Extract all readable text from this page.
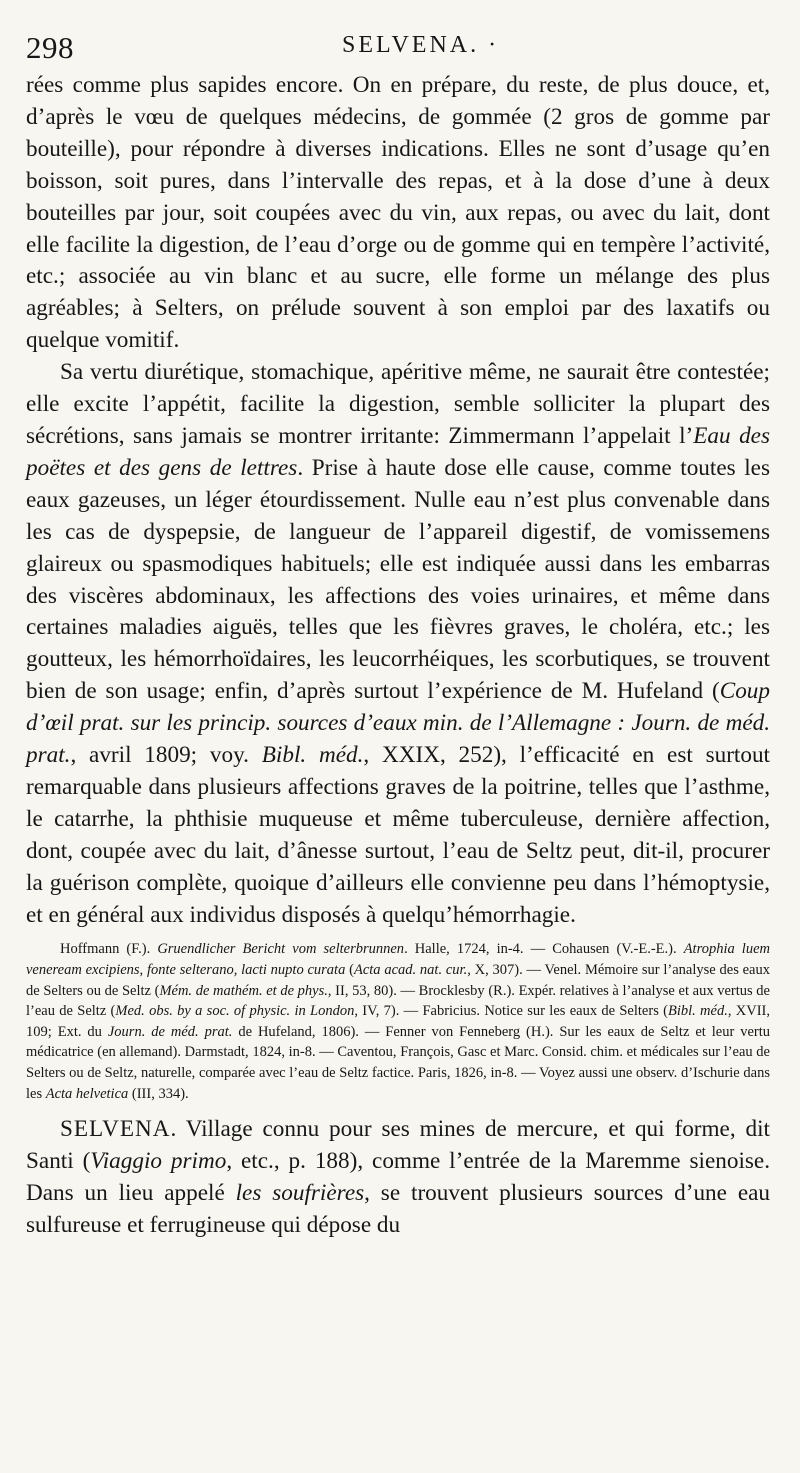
298	SELVENA. ·

rées comme plus sapides encore. On en prépare, du reste, de plus douce, et, d’après le vœu de quelques médecins, de gommée (2 gros de gomme par bouteille), pour répondre à diverses indications. Elles ne sont d’usage qu’en boisson, soit pures, dans l’intervalle des repas, et à la dose d’une à deux bouteilles par jour, soit coupées avec du vin, aux repas, ou avec du lait, dont elle facilite la digestion, de l’eau d’orge ou de gomme qui en tempère l’activité, etc.; associée au vin blanc et au sucre, elle forme un mélange des plus agréables; à Selters, on prélude souvent à son emploi par des laxatifs ou quelque vomitif.

Sa vertu diurétique, stomachique, apéritive même, ne saurait être contestée; elle excite l’appétit, facilite la digestion, semble solliciter la plupart des sécrétions, sans jamais se montrer irritante: Zimmermann l’appelait l’Eau des poëtes et des gens de lettres. Prise à haute dose elle cause, comme toutes les eaux gazeuses, un léger étourdissement. Nulle eau n’est plus convenable dans les cas de dyspepsie, de langueur de l’appareil digestif, de vomissemens glaireux ou spasmodiques habituels; elle est indiquée aussi dans les embarras des viscères abdominaux, les affections des voies urinaires, et même dans certaines maladies aiguës, telles que les fièvres graves, le choléra, etc.; les goutteux, les hémorrhoïdaires, les leucorrhéiques, les scorbutiques, se trouvent bien de son usage; enfin, d’après surtout l’expérience de M. Hufeland (Coup d’œil prat. sur les princip. sources d’eaux min. de l’Allemagne : Journ. de méd. prat., avril 1809; voy. Bibl. méd., XXIX, 252), l’efficacité en est surtout remarquable dans plusieurs affections graves de la poitrine, telles que l’asthme, le catarrhe, la phthisie muqueuse et même tuberculeuse, dernière affection, dont, coupée avec du lait, d’ânesse surtout, l’eau de Seltz peut, dit-il, procurer la guérison complète, quoique d’ailleurs elle convienne peu dans l’hémoptysie, et en général aux individus disposés à quelqu’hémorrhagie.

Hoffmann (F.). Gruendlicher Bericht vom selterbrunnen. Halle, 1724, in-4. — Cohausen (V.-E.-E.). Atrophia luem veneream excipiens, fonte selterano, lacti nupto curata (Acta acad. nat. cur., X, 307). — Venel. Mémoire sur l’analyse des eaux de Selters ou de Seltz (Mém. de mathém. et de phys., II, 53, 80). — Brocklesby (R.). Expér. relatives à l’analyse et aux vertus de l’eau de Seltz (Med. obs. by a soc. of physic. in London, IV, 7). — Fabricius. Notice sur les eaux de Selters (Bibl. méd., XVII, 109; Ext. du Journ. de méd. prat. de Hufeland, 1806). — Fenner von Fenneberg (H.). Sur les eaux de Seltz et leur vertu médicatrice (en allemand). Darmstadt, 1824, in-8. — Caventou, François, Gasc et Marc. Consid. chim. et médicales sur l’eau de Selters ou de Seltz, naturelle, comparée avec l’eau de Seltz factice. Paris, 1826, in-8. — Voyez aussi une observ. d’Ischurie dans les Acta helvetica (III, 334).

SELVENA. Village connu pour ses mines de mercure, et qui forme, dit Santi (Viaggio primo, etc., p. 188), comme l’entrée de la Maremme sienoise. Dans un lieu appelé les soufrières, se trouvent plusieurs sources d’une eau sulfureuse et ferrugineuse qui dépose du
